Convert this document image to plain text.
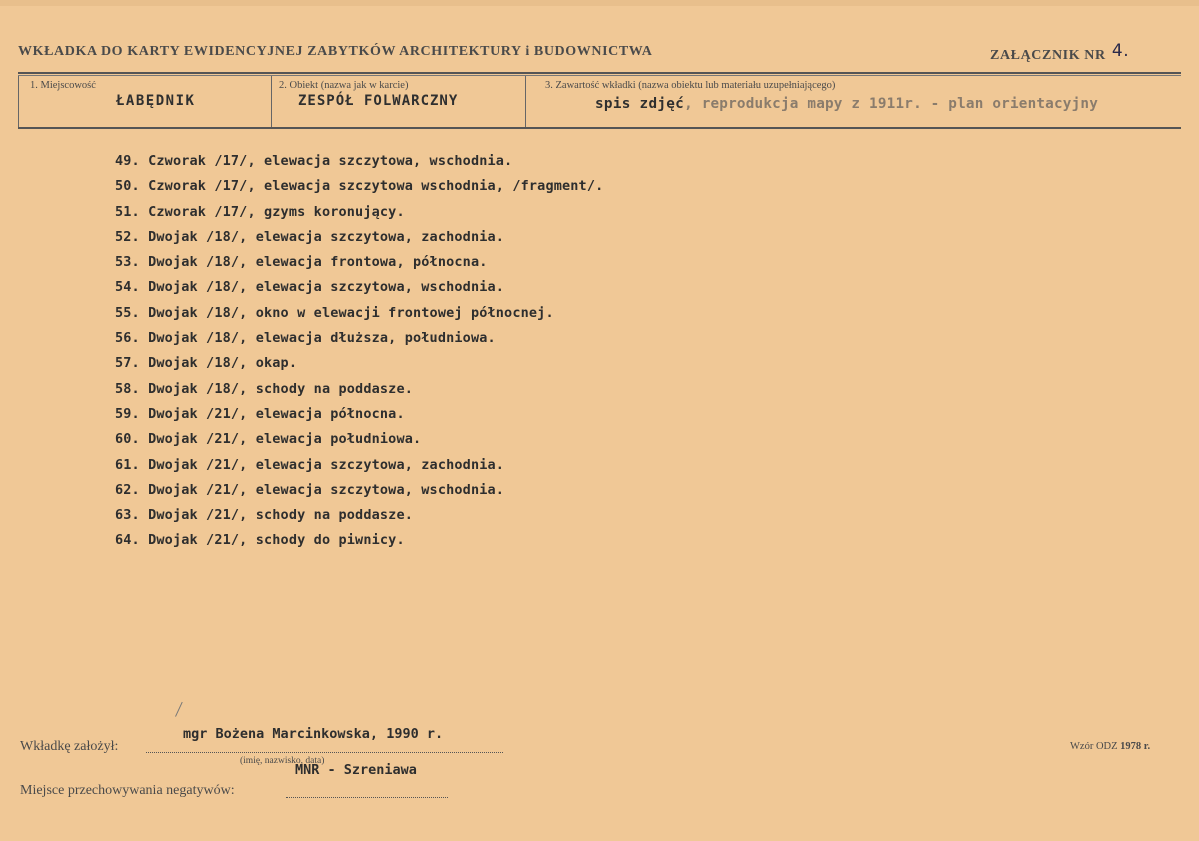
WKŁADKA DO KARTY EWIDENCYJNEJ ZABYTKÓW ARCHITEKTURY i BUDOWNICTWA	ZAŁĄCZNIK NR 4.
1. Miejscowość
ŁABĘDNIK
2. Obiekt (nazwa jak w karcie)
ZESPÓŁ FOLWARCZNY
3. Zawartość wkładki (nazwa obiektu lub materiału uzupełniającego)
spis zdjęć, reprodukcja mapy z 1911r. - plan orientacyjny
49. Czworak /17/, elewacja szczytowa, wschodnia.
50. Czworak /17/, elewacja szczytowa wschodnia, /fragment/.
51. Czworak /17/, gzyms koronujący.
52. Dwojak /18/, elewacja szczytowa, zachodnia.
53. Dwojak /18/, elewacja frontowa, północna.
54. Dwojak /18/, elewacja szczytowa, wschodnia.
55. Dwojak /18/, okno w elewacji frontowej północnej.
56. Dwojak /18/, elewacja dłuższa, południowa.
57. Dwojak /18/, okap.
58. Dwojak /18/, schody na poddasze.
59. Dwojak /21/, elewacja północna.
60. Dwojak /21/, elewacja południowa.
61. Dwojak /21/, elewacja szczytowa, zachodnia.
62. Dwojak /21/, elewacja szczytowa, wschodnia.
63. Dwojak /21/, schody na poddasze.
64. Dwojak /21/, schody do piwnicy.
mgr Bożena Marcinkowska, 1990 r.
Wkładkę założył:
(imię, nazwisko, data)
MNR - Szreniawa
Miejsce przechowywania negatywów:
Wzór ODZ 1978 r.
